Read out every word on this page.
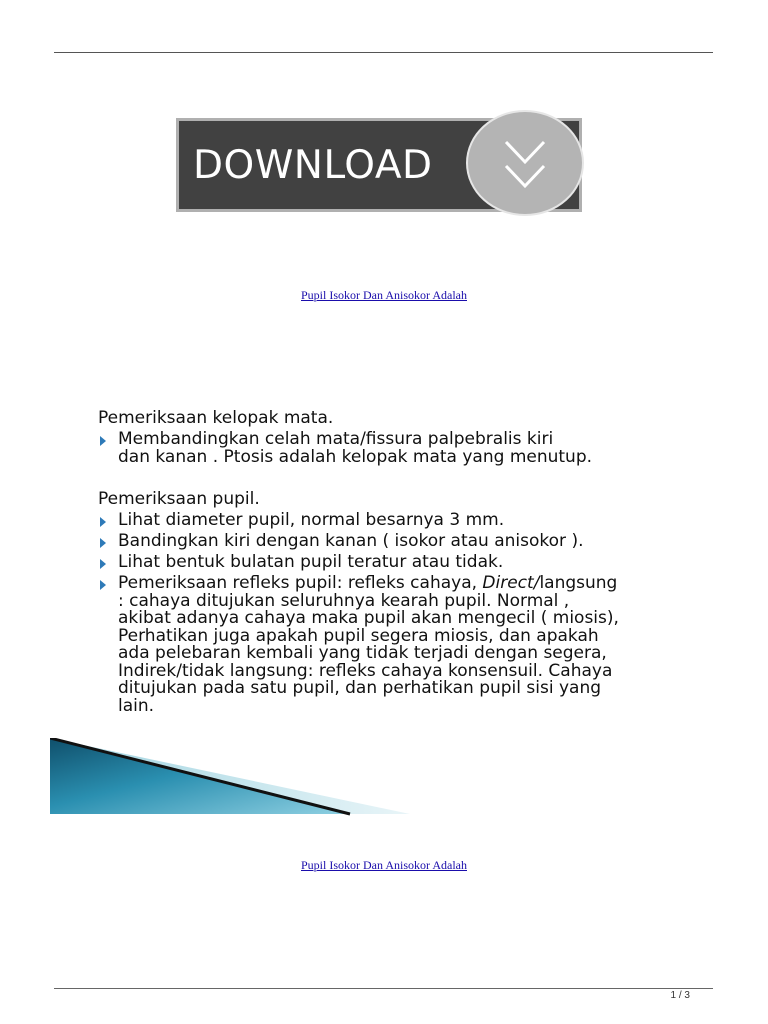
DOWNLOAD
Pupil Isokor Dan Anisokor Adalah
Pemeriksaan kelopak mata.
Membandingkan celah mata/fissura palpebralis kiri
dan kanan . Ptosis adalah kelopak mata yang menutup.
Pemeriksaan pupil.
Lihat diameter pupil, normal besarnya 3 mm.
Bandingkan kiri dengan kanan ( isokor atau anisokor ).
Lihat bentuk bulatan pupil teratur atau tidak.
Pemeriksaan refleks pupil: refleks cahaya, Direct/langsung
: cahaya ditujukan seluruhnya kearah pupil. Normal ,
akibat adanya cahaya maka pupil akan mengecil ( miosis),
Perhatikan juga apakah pupil segera miosis, dan apakah
ada pelebaran kembali yang tidak terjadi dengan segera,
Indirek/tidak langsung: refleks cahaya konsensuil. Cahaya
ditujukan pada satu pupil, dan perhatikan pupil sisi yang
lain.
Pupil Isokor Dan Anisokor Adalah
1 / 3
